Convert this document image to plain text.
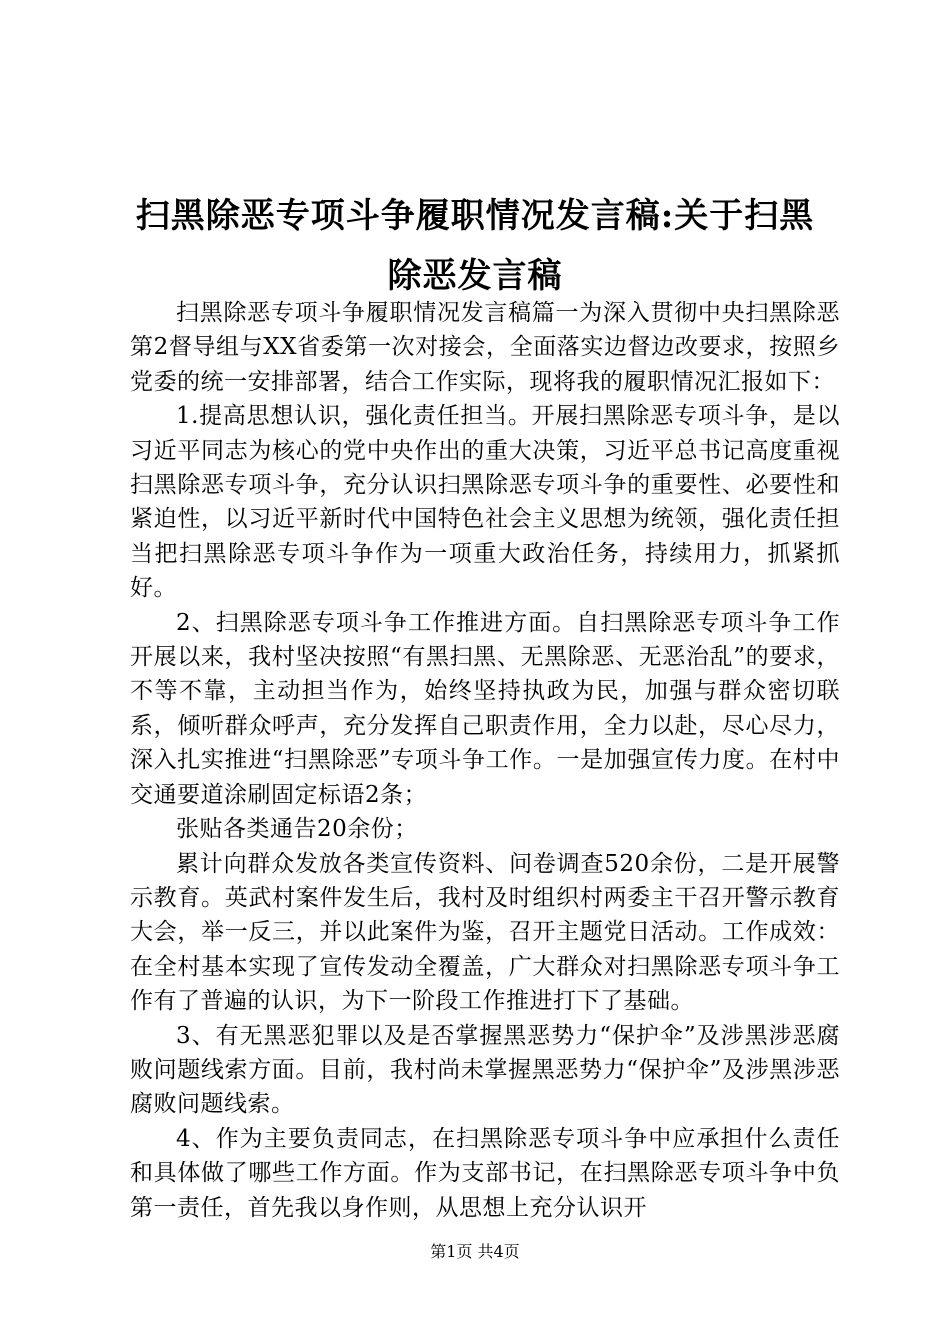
扫黑除恶专项斗争履职情况发言稿:关于扫黑除恶发言稿

扫黑除恶专项斗争履职情况发言稿篇一为深入贯彻中央扫黑除恶第2督导组与XX省委第一次对接会，全面落实边督边改要求，按照乡党委的统一安排部署，结合工作实际，现将我的履职情况汇报如下：

1.提高思想认识，强化责任担当。开展扫黑除恶专项斗争，是以习近平同志为核心的党中央作出的重大决策，习近平总书记高度重视扫黑除恶专项斗争，充分认识扫黑除恶专项斗争的重要性、必要性和紧迫性，以习近平新时代中国特色社会主义思想为统领，强化责任担当把扫黑除恶专项斗争作为一项重大政治任务，持续用力，抓紧抓好。

2、扫黑除恶专项斗争工作推进方面。自扫黑除恶专项斗争工作开展以来，我村坚决按照“有黑扫黑、无黑除恶、无恶治乱”的要求，不等不靠，主动担当作为，始终坚持执政为民，加强与群众密切联系，倾听群众呼声，充分发挥自己职责作用，全力以赴，尽心尽力，深入扎实推进“扫黑除恶”专项斗争工作。一是加强宣传力度。在村中交通要道涂刷固定标语2条；

张贴各类通告20余份；

累计向群众发放各类宣传资料、问卷调查520余份，二是开展警示教育。英武村案件发生后，我村及时组织村两委主干召开警示教育大会，举一反三，并以此案件为鉴，召开主题党日活动。工作成效：在全村基本实现了宣传发动全覆盖，广大群众对扫黑除恶专项斗争工作有了普遍的认识，为下一阶段工作推进打下了基础。

3、有无黑恶犯罪以及是否掌握黑恶势力“保护伞”及涉黑涉恶腐败问题线索方面。目前，我村尚未掌握黑恶势力“保护伞”及涉黑涉恶腐败问题线索。

4、作为主要负责同志，在扫黑除恶专项斗争中应承担什么责任和具体做了哪些工作方面。作为支部书记，在扫黑除恶专项斗争中负第一责任，首先我以身作则，从思想上充分认识开

第1页 共4页
